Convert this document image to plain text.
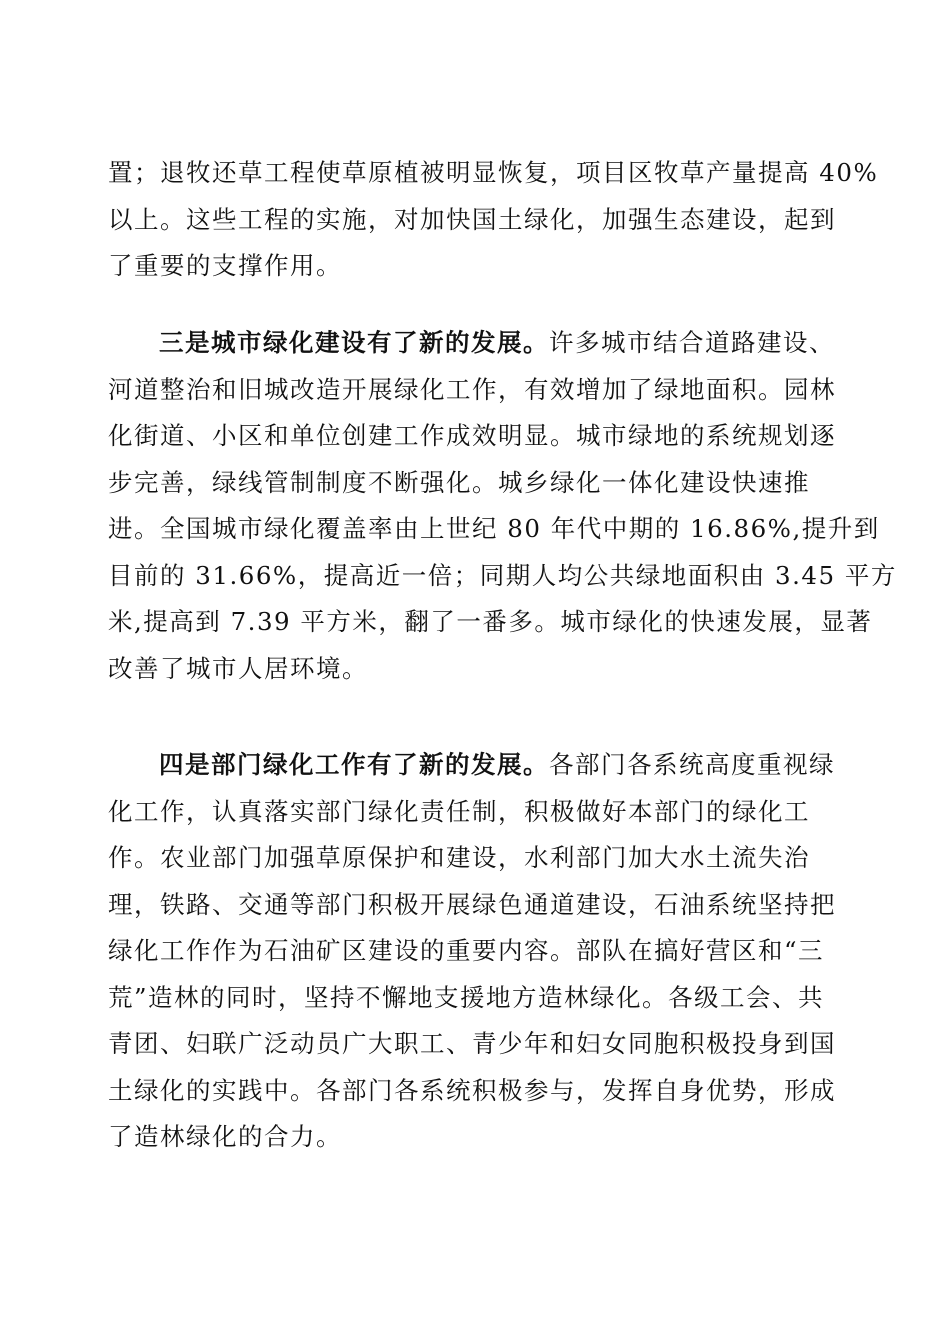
置；退牧还草工程使草原植被明显恢复，项目区牧草产量提高 40%
以上。这些工程的实施，对加快国土绿化，加强生态建设，起到
了重要的支撑作用。
三是城市绿化建设有了新的发展。许多城市结合道路建设、
河道整治和旧城改造开展绿化工作，有效增加了绿地面积。园林
化街道、小区和单位创建工作成效明显。城市绿地的系统规划逐
步完善，绿线管制制度不断强化。城乡绿化一体化建设快速推
进。全国城市绿化覆盖率由上世纪 80 年代中期的 16.86%,提升到
目前的 31.66%，提高近一倍；同期人均公共绿地面积由 3.45 平方
米,提高到 7.39 平方米，翻了一番多。城市绿化的快速发展，显著
改善了城市人居环境。
四是部门绿化工作有了新的发展。各部门各系统高度重视绿
化工作，认真落实部门绿化责任制，积极做好本部门的绿化工
作。农业部门加强草原保护和建设，水利部门加大水土流失治
理，铁路、交通等部门积极开展绿色通道建设，石油系统坚持把
绿化工作作为石油矿区建设的重要内容。部队在搞好营区和“三
荒”造林的同时，坚持不懈地支援地方造林绿化。各级工会、共
青团、妇联广泛动员广大职工、青少年和妇女同胞积极投身到国
土绿化的实践中。各部门各系统积极参与，发挥自身优势，形成
了造林绿化的合力。
